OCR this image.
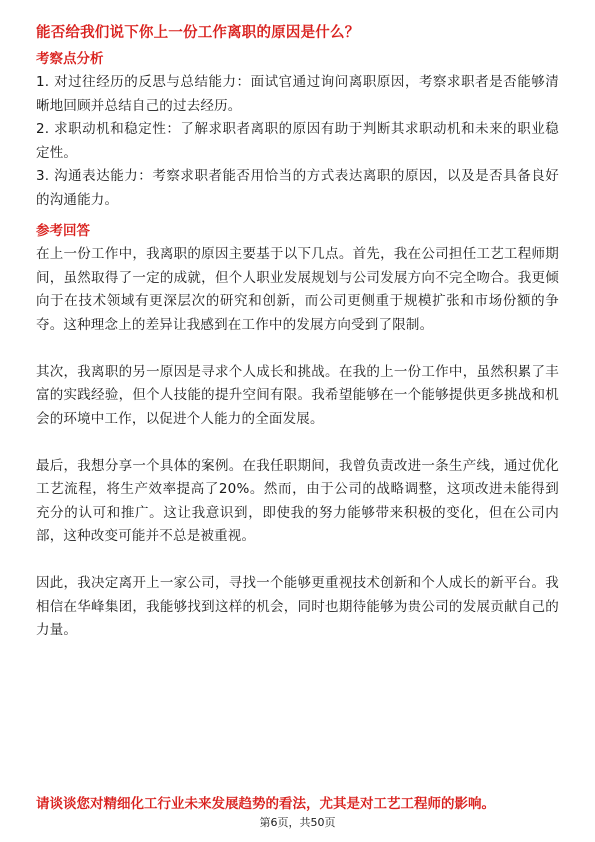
能否给我们说下你上一份工作离职的原因是什么？

考察点分析

1. 对过往经历的反思与总结能力：面试官通过询问离职原因，考察求职者是否能够清晰地回顾并总结自己的过去经历。

2. 求职动机和稳定性：了解求职者离职的原因有助于判断其求职动机和未来的职业稳定性。

3. 沟通表达能力：考察求职者能否用恰当的方式表达离职的原因，以及是否具备良好的沟通能力。

参考回答

在上一份工作中，我离职的原因主要基于以下几点。首先，我在公司担任工艺工程师期间，虽然取得了一定的成就，但个人职业发展规划与公司发展方向不完全吻合。我更倾向于在技术领域有更深层次的研究和创新，而公司更侧重于规模扩张和市场份额的争夺。这种理念上的差异让我感到在工作中的发展方向受到了限制。

其次，我离职的另一原因是寻求个人成长和挑战。在我的上一份工作中，虽然积累了丰富的实践经验，但个人技能的提升空间有限。我希望能够在一个能够提供更多挑战和机会的环境中工作，以促进个人能力的全面发展。

最后，我想分享一个具体的案例。在我任职期间，我曾负责改进一条生产线，通过优化工艺流程，将生产效率提高了20%。然而，由于公司的战略调整，这项改进未能得到充分的认可和推广。这让我意识到，即使我的努力能够带来积极的变化，但在公司内部，这种改变可能并不总是被重视。

因此，我决定离开上一家公司，寻找一个能够更重视技术创新和个人成长的新平台。我相信在华峰集团，我能够找到这样的机会，同时也期待能够为贵公司的发展贡献自己的力量。

请谈谈您对精细化工行业未来发展趋势的看法，尤其是对工艺工程师的影响。

第6页，共50页
